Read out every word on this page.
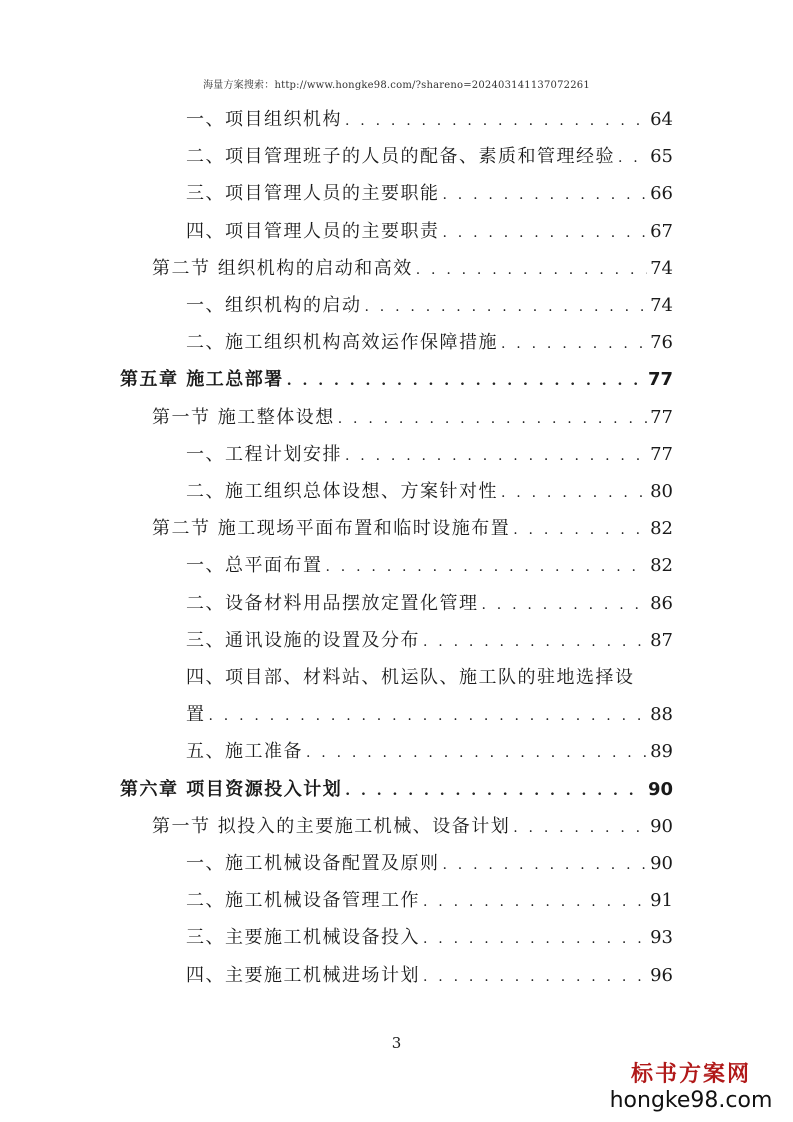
海量方案搜索：http://www.hongke98.com/?shareno=202403141137072261
一、项目组织机构 . . .	64
二、项目管理班子的人员的配备、素质和管理经验 . . . 65
三、项目管理人员的主要职能 . . .	66
四、项目管理人员的主要职责 . . .	67
第二节 组织机构的启动和高效 . . .	74
一、组织机构的启动 . . .	74
二、施工组织机构高效运作保障措施 . . .	76
第五章 施工总部署 . . .	77
第一节 施工整体设想 . . .	77
一、工程计划安排 . . .	77
二、施工组织总体设想、方案针对性 . . .	80
第二节 施工现场平面布置和临时设施布置 . . .	82
一、总平面布置 . . .	82
二、设备材料用品摆放定置化管理 . . .	86
三、通讯设施的设置及分布 . . .	87
四、项目部、材料站、机运队、施工队的驻地选择设
置 . . .	88
五、施工准备 . . .	89
第六章 项目资源投入计划 . . .	90
第一节 拟投入的主要施工机械、设备计划 . . .	90
一、施工机械设备配置及原则 . . .	90
二、施工机械设备管理工作 . . .	91
三、主要施工机械设备投入 . . .	93
四、主要施工机械进场计划 . . .	96
3
标书方案网
hongke98.com
